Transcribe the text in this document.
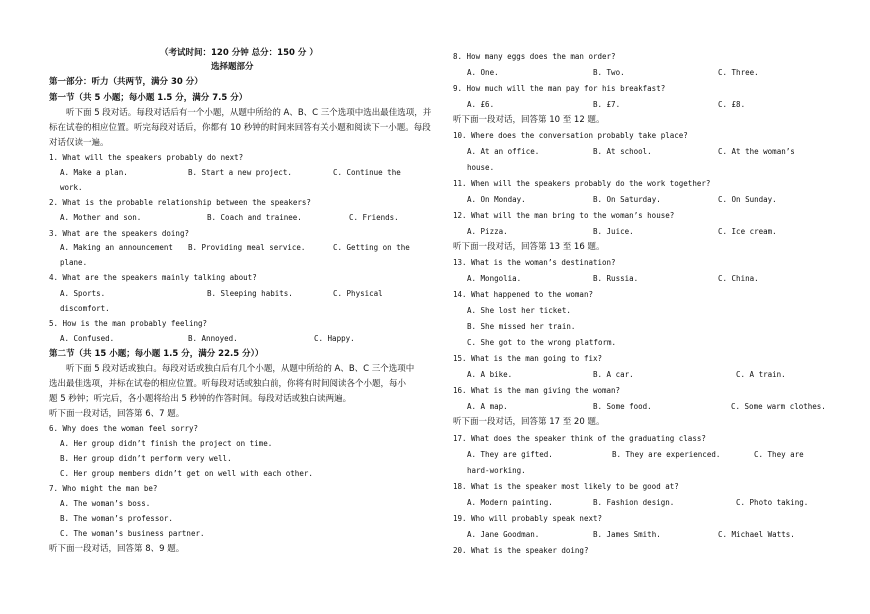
（考试时间：120 分钟 总分：150 分 ）
选择题部分
第一部分：听力（共两节，满分 30 分）
第一节（共 5 小题；每小题 1.5 分，满分 7.5 分）
听下面 5 段对话。每段对话后有一个小题，从题中所给的 A、B、C 三个选项中选出最佳选项，并
标在试卷的相应位置。听完每段对话后，你都有 10 秒钟的时间来回答有关小题和阅读下一小题。每段
对话仅读一遍。
1. What will the speakers probably do next?
A. Make a plan.	B. Start a new project.	C. Continue the
work.
2. What is the probable relationship between the speakers?
A. Mother and son.	B. Coach and trainee.	C. Friends.
3. What are the speakers doing?
A. Making an announcement B. Providing meal service.	C. Getting on the
plane.
4. What are the speakers mainly talking about?
A. Sports.	B. Sleeping habits.	C. Physical
discomfort.
5. How is the man probably feeling?
A. Confused.	B. Annoyed.	C. Happy.
第二节（共 15 小题；每小题 1.5 分，满分 22.5 分））
听下面 5 段对话或独白。每段对话或独白后有几个小题，从题中所给的 A、B、C 三个选项中
选出最佳选项，并标在试卷的相应位置。听每段对话或独白前，你将有时间阅读各个小题，每小
题 5 秒钟；听完后，各小题将给出 5 秒钟的作答时间。每段对话或独白读两遍。
听下面一段对话，回答第 6、7 题。
6. Why does the woman feel sorry?
A. Her group didn’t finish the project on time.
B. Her group didn’t perform very well.
C. Her group members didn’t get on well with each other.
7. Who might the man be?
A. The woman’s boss.
B. The woman’s professor.
C. The woman’s business partner.
听下面一段对话，回答第 8、9 题。
8. How many eggs does the man order?
A. One.	B. Two.	C. Three.
9. How much will the man pay for his breakfast?
A. £6.	B. £7.	C. £8.
听下面一段对话，回答第 10 至 12 题。
10. Where does the conversation probably take place?
A. At an office.	B. At school.	C. At the woman’s
house.
11. When will the speakers probably do the work together?
A. On Monday.	B. On Saturday.	C. On Sunday.
12. What will the man bring to the woman’s house?
A. Pizza.	B. Juice.	C. Ice cream.
听下面一段对话，回答第 13 至 16 题。
13. What is the woman’s destination?
A. Mongolia.	B. Russia.	C. China.
14. What happened to the woman?
A. She lost her ticket.
B. She missed her train.
C. She got to the wrong platform.
15. What is the man going to fix?
A. A bike.	B. A car.	C. A train.
16. What is the man giving the woman?
A. A map.	B. Some food.	C. Some warm clothes.
听下面一段对话，回答第 17 至 20 题。
17. What does the speaker think of the graduating class?
A. They are gifted.	B. They are experienced.	C. They are
hard-working.
18. What is the speaker most likely to be good at?
A. Modern painting.	B. Fashion design.	C. Photo taking.
19. Who will probably speak next?
A. Jane Goodman.	B. James Smith.	C. Michael Watts.
20. What is the speaker doing?
